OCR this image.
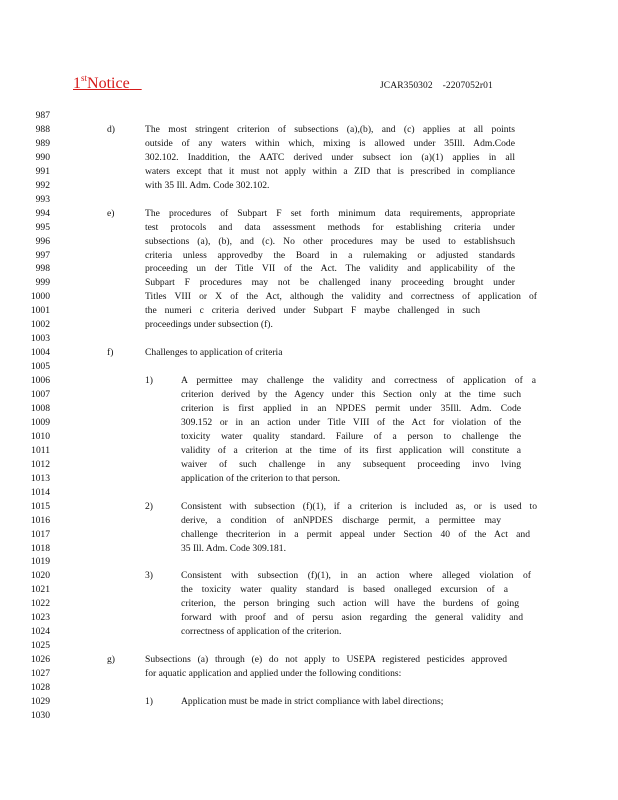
1stNotice	JCAR350302    -2207052r01
987
988	d)	The most stringent criterion of subsections (a),(b), and (c) applies at all points
989	outside of any waters within which, mixing is allowed under 35Ill. Adm.Code
990	302.102. Inaddition, the AATC derived under subsect ion (a)(1) applies in all
991	waters except that it must not apply within a ZID that is prescribed in compliance
992	with 35 Ill. Adm. Code 302.102.
993
994	e)	The procedures of Subpart F set forth minimum data requirements, appropriate
995	test protocols and data assessment methods for establishing criteria under
996	subsections (a), (b), and (c). No other procedures may be used to establishsuch
997	criteria unless approvedby the Board in a rulemaking or adjusted standards
998	proceeding un der Title VII of the Act. The validity and applicability of the
999	Subpart F procedures may not be challenged inany proceeding brought under
1000	Titles VIII or X of the Act, although the validity and correctness of application of
1001	the numeri c criteria derived under Subpart F maybe challenged in such
1002	proceedings under subsection (f).
1003
1004	f)	Challenges to application of criteria
1005
1006	1)	A permittee may challenge the validity and correctness of application of a
1007	criterion derived by the Agency under this Section only at the time such
1008	criterion is first applied in an NPDES permit under 35Ill. Adm. Code
1009	309.152 or in an action under Title VIII of the Act for violation of the
1010	toxicity water quality standard. Failure of a person to challenge the
1011	validity of a criterion at the time of its first application will constitute a
1012	waiver of such challenge in any subsequent proceeding invo lving
1013	application of the criterion to that person.
1014
1015	2)	Consistent with subsection (f)(1), if a criterion is included as, or is used to
1016	derive, a condition of anNPDES discharge permit, a permittee may
1017	challenge thecriterion in a permit appeal under Section 40 of the Act and
1018	35 Ill. Adm. Code 309.181.
1019
1020	3)	Consistent with subsection (f)(1), in an action where alleged violation of
1021	the toxicity water quality standard is based onalleged excursion of a
1022	criterion, the person bringing such action will have the burdens of going
1023	forward with proof and of persu asion regarding the general validity and
1024	correctness of application of the criterion.
1025
1026	g)	Subsections (a) through (e) do not apply to USEPA registered pesticides approved
1027	for aquatic application and applied under the following conditions:
1028
1029	1)	Application must be made in strict compliance with label directions;
1030
